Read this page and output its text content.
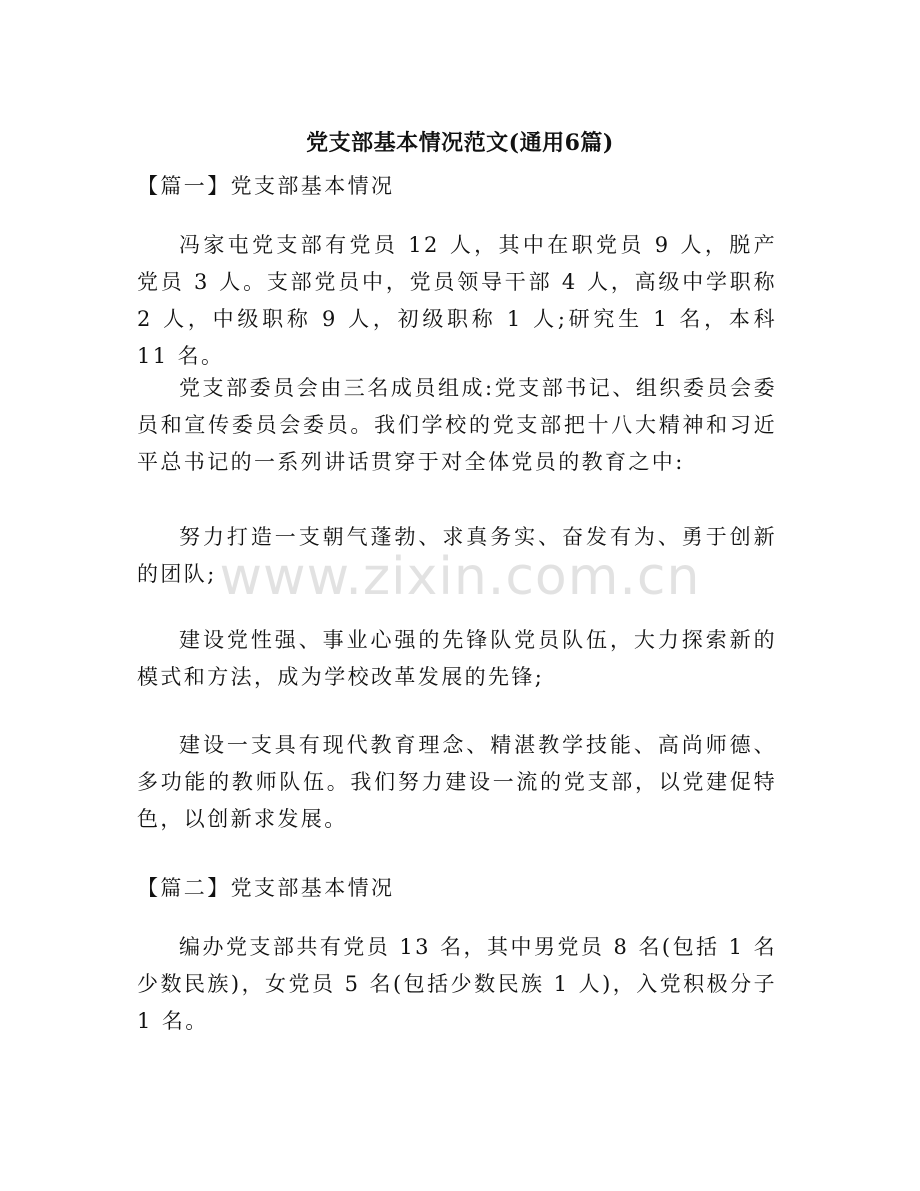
党支部基本情况范文(通用6篇)

【篇一】党支部基本情况

冯家屯党支部有党员 12 人，其中在职党员 9 人，脱产党员 3 人。支部党员中，党员领导干部 4 人，高级中学职称 2 人，中级职称 9 人，初级职称 1 人;研究生 1 名，本科 11 名。

党支部委员会由三名成员组成:党支部书记、组织委员会委员和宣传委员会委员。我们学校的党支部把十八大精神和习近平总书记的一系列讲话贯穿于对全体党员的教育之中:

努力打造一支朝气蓬勃、求真务实、奋发有为、勇于创新的团队;

建设党性强、事业心强的先锋队党员队伍，大力探索新的模式和方法，成为学校改革发展的先锋;

建设一支具有现代教育理念、精湛教学技能、高尚师德、多功能的教师队伍。我们努力建设一流的党支部，以党建促特色，以创新求发展。

【篇二】党支部基本情况

编办党支部共有党员 13 名，其中男党员 8 名(包括 1 名少数民族)，女党员 5 名(包括少数民族 1 人)，入党积极分子 1 名。

www.zixin.com.cn
